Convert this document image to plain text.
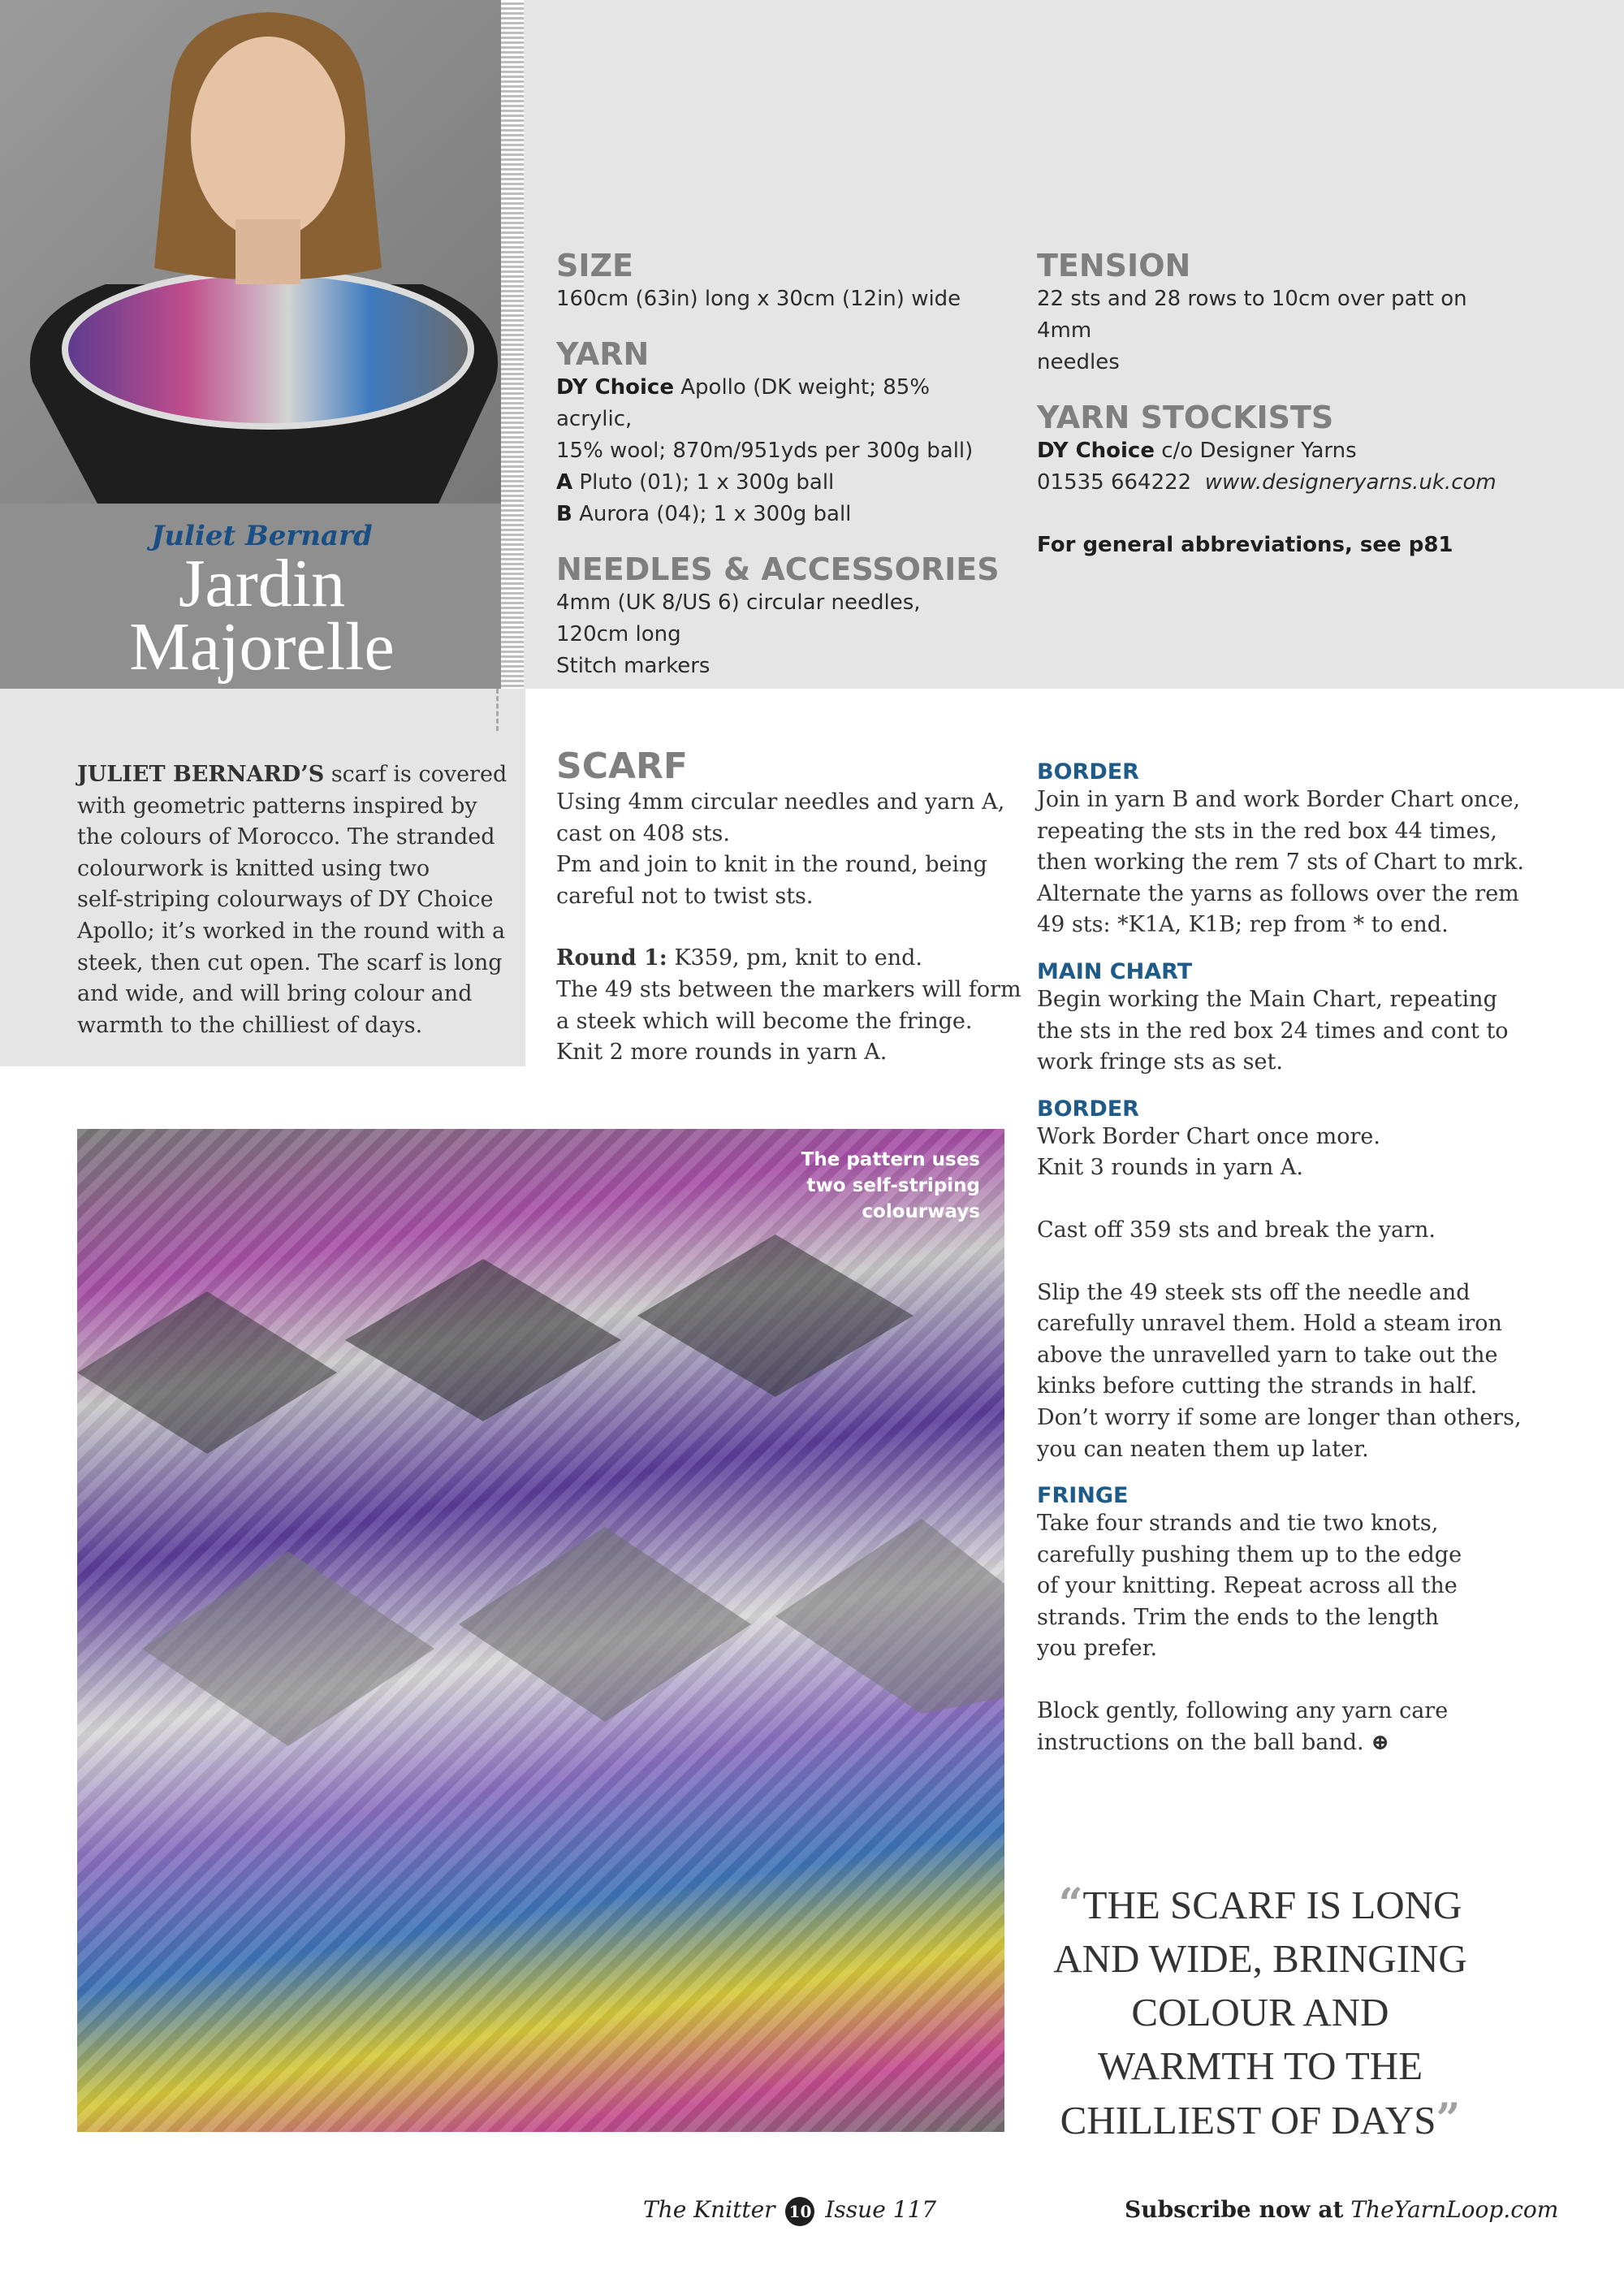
Juliet Bernard
Jardin
Majorelle
SIZE
160cm (63in) long x 30cm (12in) wide
YARN
DY Choice Apollo (DK weight; 85% acrylic,
15% wool; 870m/951yds per 300g ball)
A Pluto (01); 1 x 300g ball
B Aurora (04); 1 x 300g ball
NEEDLES & ACCESSORIES
4mm (UK 8/US 6) circular needles,
120cm long
Stitch markers
TENSION
22 sts and 28 rows to 10cm over patt on 4mm
needles
YARN STOCKISTS
DY Choice c/o Designer Yarns
01535 664222 www.designeryarns.uk.com
For general abbreviations, see p81
JULIET BERNARD’S scarf is covered
with geometric patterns inspired by
the colours of Morocco. The stranded
colourwork is knitted using two
self-striping colourways of DY Choice
Apollo; it’s worked in the round with a
steek, then cut open. The scarf is long
and wide, and will bring colour and
warmth to the chilliest of days.
SCARF
Using 4mm circular needles and yarn A,
cast on 408 sts.
Pm and join to knit in the round, being
careful not to twist sts.
Round 1: K359, pm, knit to end.
The 49 sts between the markers will form
a steek which will become the fringe.
Knit 2 more rounds in yarn A.
BORDER
Join in yarn B and work Border Chart once,
repeating the sts in the red box 44 times,
then working the rem 7 sts of Chart to mrk.
Alternate the yarns as follows over the rem
49 sts: *K1A, K1B; rep from * to end.
MAIN CHART
Begin working the Main Chart, repeating
the sts in the red box 24 times and cont to
work fringe sts as set.
BORDER
Work Border Chart once more.
Knit 3 rounds in yarn A.
Cast off 359 sts and break the yarn.
Slip the 49 steek sts off the needle and
carefully unravel them. Hold a steam iron
above the unravelled yarn to take out the
kinks before cutting the strands in half.
Don’t worry if some are longer than others,
you can neaten them up later.
FRINGE
Take four strands and tie two knots,
carefully pushing them up to the edge
of your knitting. Repeat across all the
strands. Trim the ends to the length
you prefer.
Block gently, following any yarn care
instructions on the ball band. ⊕
The pattern uses
two self-striping
colourways
“THE SCARF IS LONG
AND WIDE, BRINGING
COLOUR AND
WARMTH TO THE
CHILLIEST OF DAYS”
The Knitter 10 Issue 117	Subscribe now at TheYarnLoop.com
